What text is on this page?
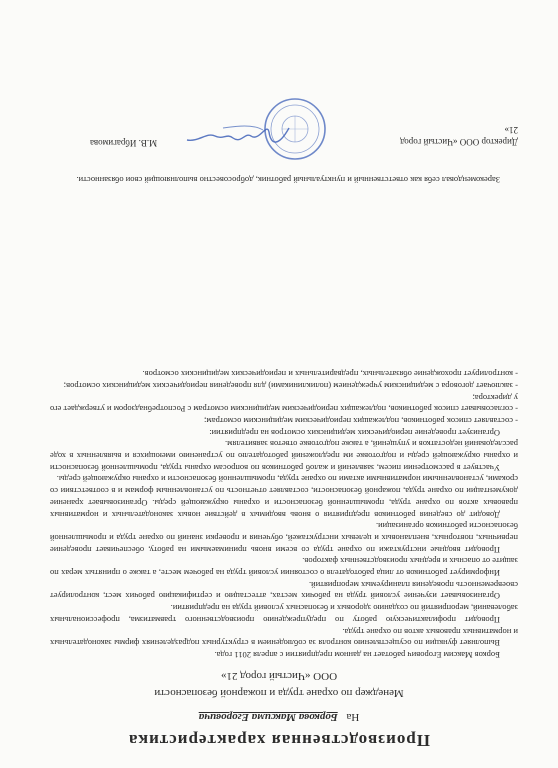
Производственная характеристика
На Боркова Максима Егоровича
Менеджер по охране труда и пожарной безопасности
ООО «Чистый город 21»

Борков Максим Егорович работает на данном предприятии с апреля 2011 года.

Выполняет функции по осуществлению контроля за соблюдением в структурных подразделениях фирмы законодательных и нормативных правовых актов по охране труда.

Проводит профилактическую работу по предупреждению производственного травматизма, профессиональных заболеваний, мероприятий по созданию здоровых и безопасных условий труда на предприятии.

Организовывает изучение условий труда на рабочих местах, аттестацию и сертификацию рабочих мест, контролирует своевременность проведения планируемых мероприятий.

Информирует работников от лица работодателя о состоянии условий труда на рабочем месте, а также о принятых мерах по защите от опасных и вредных производственных факторов.

Проводит вводные инструктажи по охране труда со всеми вновь принимаемыми на работу, обеспечивает проведение первичных, повторных, внеплановых и целевых инструктажей, обучения и проверки знаний по охране труда и промышленной безопасности работников организации.

Доводит до сведения работников предприятия о вновь вводимых в действие новых законодательных и нормативных правовых актов по охране труда, промышленной безопасности и охраны окружающей среды. Организовывает хранение документации по охране труда, пожарной безопасности, составляет отчетность по установленным формам и в соответствии со сроками, установленными нормативными актами по охране труда, промышленной безопасности и охраны окружающей среды.

Участвует в рассмотрении писем, заявлений и жалоб работников по вопросам охраны труда, промышленной безопасности и охраны окружающей среды и подготовке им предложений работодателю по устранению имеющихся и выявленных в ходе расследований недостатков и упущений, а также подготовке ответов заявителям.

Организует проведение периодических медицинских осмотров на предприятии:

- составляет список работников, подлежащих периодическим медицинским осмотрам;

- согласовывает список работников, подлежащих периодическим медицинским осмотрам с Роспотребнадзором и утверждает его у директора;

- заключает договора с медицинским учреждением (поликлиниками) для проведения периодических медицинских осмотров;

- контролирует прохождение обязательных, предварительных и периодических медицинских осмотров.

Зарекомендовал себя как ответственный и пунктуальный работник, добросовестно выполняющий свои обязанности.

Директор ООО «Чистый город 21»
М.В. Ибрагимова
